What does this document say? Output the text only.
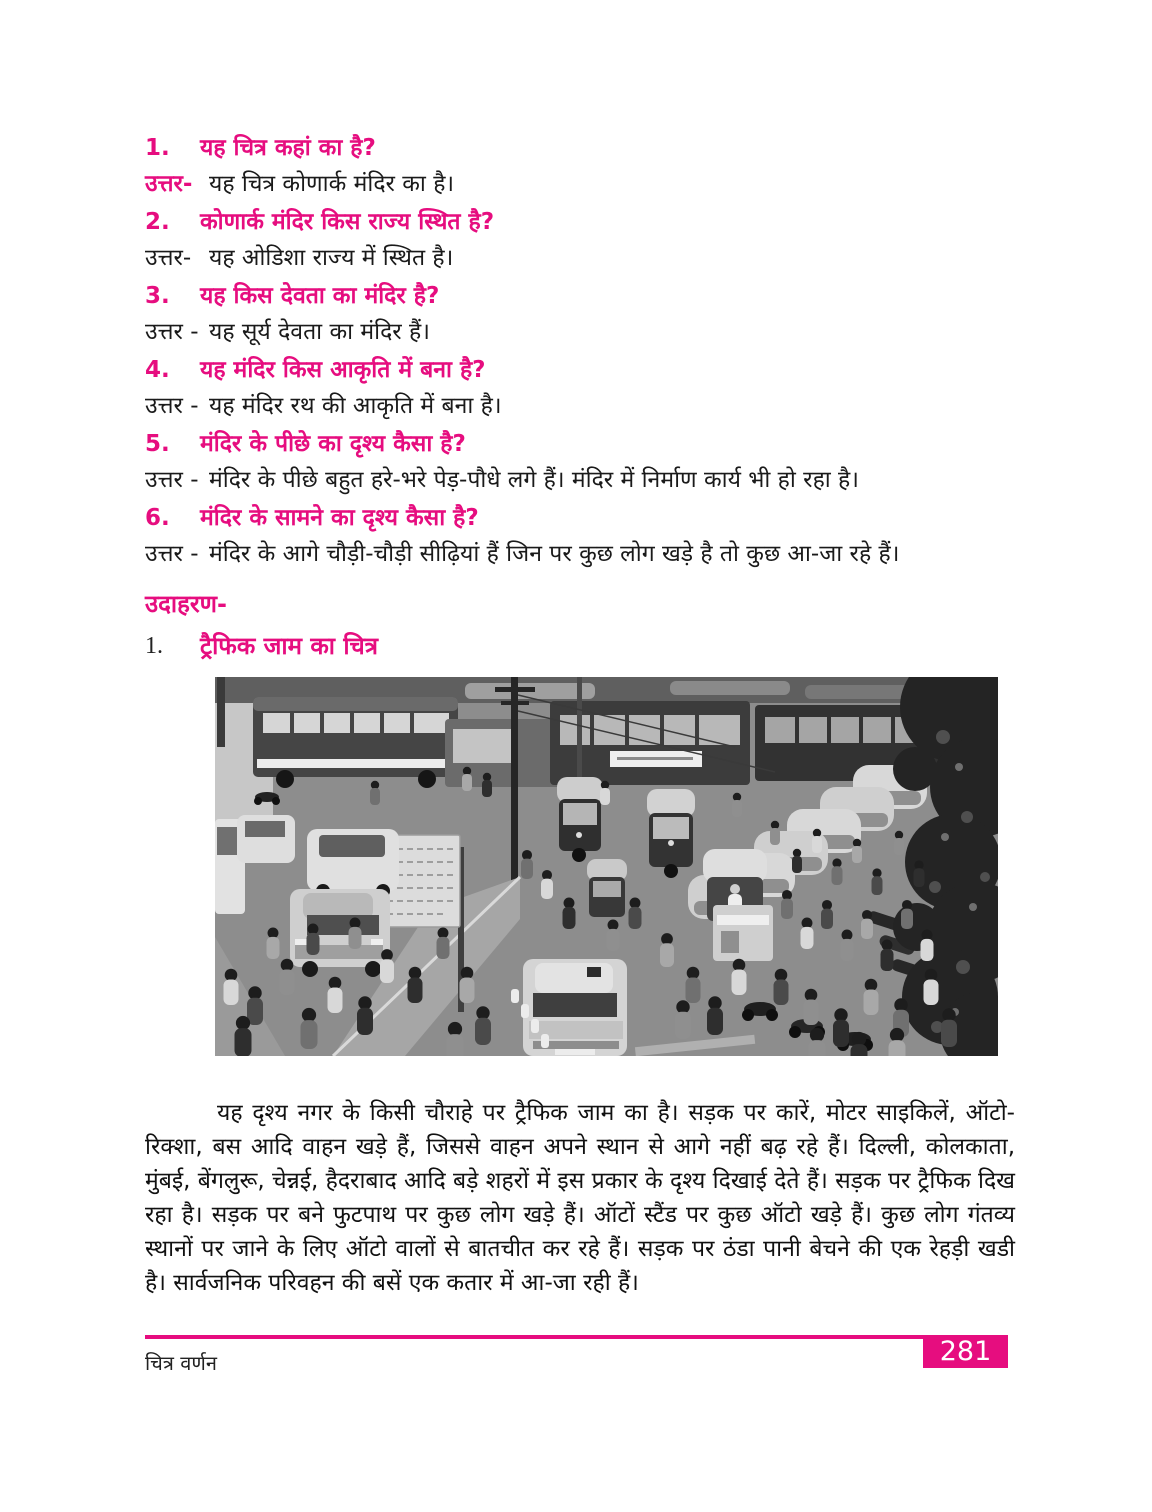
1.	यह चित्र कहां का है?
उत्तर- यह चित्र कोणार्क मंदिर का है।
2.	कोणार्क मंदिर किस राज्य स्थित है?
उत्तर- यह ओडिशा राज्य में स्थित है।
3.	यह किस देवता का मंदिर है?
उत्तर - यह सूर्य देवता का मंदिर हैं।
4.	यह मंदिर किस आकृति में बना है?
उत्तर - यह मंदिर रथ की आकृति में बना है।
5.	मंदिर के पीछे का दृश्य कैसा है?
उत्तर - मंदिर के पीछे बहुत हरे-भरे पेड़-पौधे लगे हैं। मंदिर में निर्माण कार्य भी हो रहा है।
6.	मंदिर के सामने का दृश्य कैसा है?
उत्तर - मंदिर के आगे चौड़ी-चौड़ी सीढ़ियां हैं जिन पर कुछ लोग खड़े है तो कुछ आ-जा रहे हैं।
उदाहरण-
1.	ट्रैफिक जाम का चित्र

यह दृश्य नगर के किसी चौराहे पर ट्रैफिक जाम का है। सड़क पर कारें, मोटर साइकिलें, ऑटो-रिक्शा, बस आदि वाहन खड़े हैं, जिससे वाहन अपने स्थान से आगे नहीं बढ़ रहे हैं। दिल्ली, कोलकाता, मुंबई, बेंगलुरू, चेन्नई, हैदराबाद आदि बड़े शहरों में इस प्रकार के दृश्य दिखाई देते हैं। सड़क पर ट्रैफिक दिख रहा है। सड़क पर बने फुटपाथ पर कुछ लोग खड़े हैं। ऑटों स्टैंड पर कुछ ऑटो खड़े हैं। कुछ लोग गंतव्य स्थानों पर जाने के लिए ऑटो वालों से बातचीत कर रहे हैं। सड़क पर ठंडा पानी बेचने की एक रेहड़ी खडी है। सार्वजनिक परिवहन की बसें एक कतार में आ-जा रही हैं।

281
चित्र वर्णन
